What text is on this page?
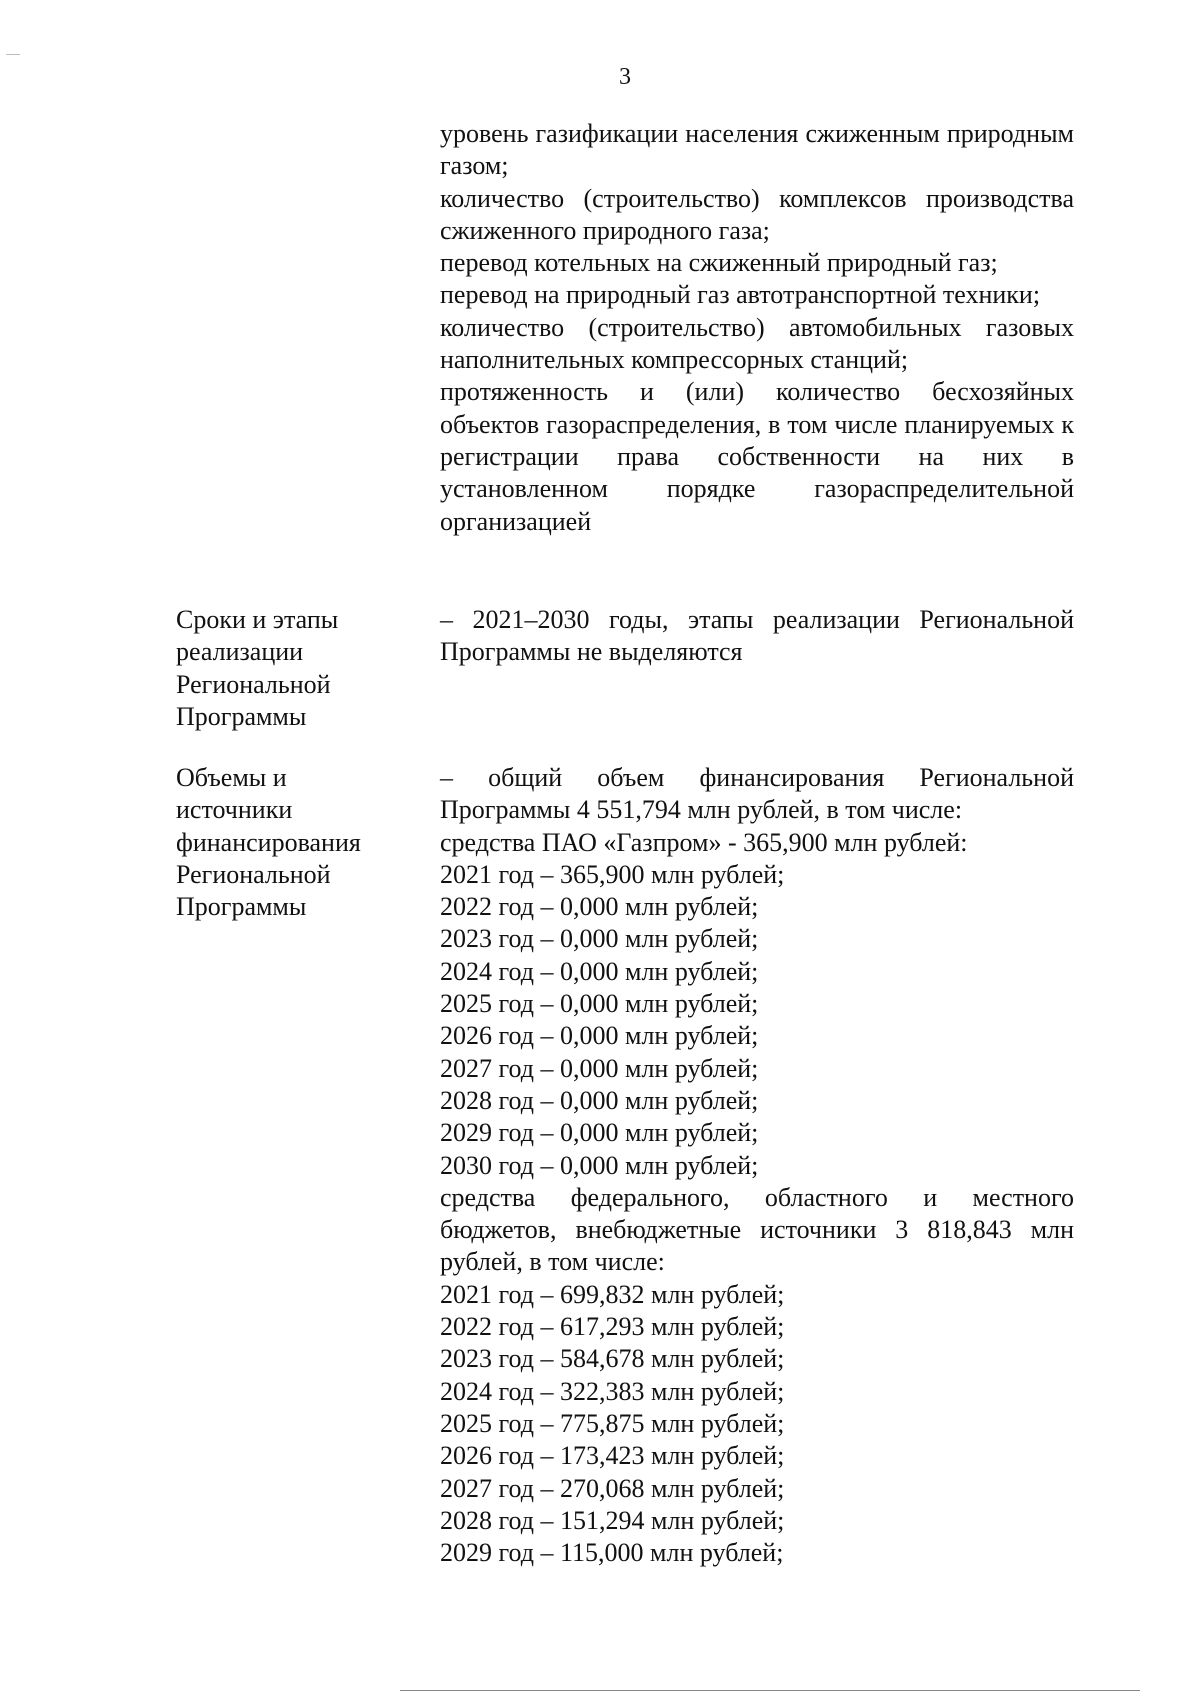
3
уровень газификации населения сжиженным природным газом;
количество (строительство) комплексов производства сжиженного природного газа;
перевод котельных на сжиженный природный газ;
перевод на природный газ автотранспортной техники;
количество (строительство) автомобильных газовых наполнительных компрессорных станций;
протяженность и (или) количество бесхозяйных объектов газораспределения, в том числе планируемых к регистрации права собственности на них в установленном порядке газораспределительной организацией
Сроки и этапы реализации Региональной Программы
– 2021–2030 годы, этапы реализации Региональной Программы не выделяются
Объемы и источники финансирования Региональной Программы
– общий объем финансирования Региональной Программы 4 551,794 млн рублей, в том числе:
средства ПАО «Газпром» - 365,900 млн рублей:
2021 год – 365,900 млн рублей;
2022 год – 0,000 млн рублей;
2023 год – 0,000 млн рублей;
2024 год – 0,000 млн рублей;
2025 год – 0,000 млн рублей;
2026 год – 0,000 млн рублей;
2027 год – 0,000 млн рублей;
2028 год – 0,000 млн рублей;
2029 год – 0,000 млн рублей;
2030 год – 0,000 млн рублей;
средства федерального, областного и местного бюджетов, внебюджетные источники 3 818,843 млн рублей, в том числе:
2021 год – 699,832 млн рублей;
2022 год – 617,293 млн рублей;
2023 год – 584,678 млн рублей;
2024 год – 322,383 млн рублей;
2025 год – 775,875 млн рублей;
2026 год – 173,423 млн рублей;
2027 год – 270,068 млн рублей;
2028 год – 151,294 млн рублей;
2029 год – 115,000 млн рублей;
